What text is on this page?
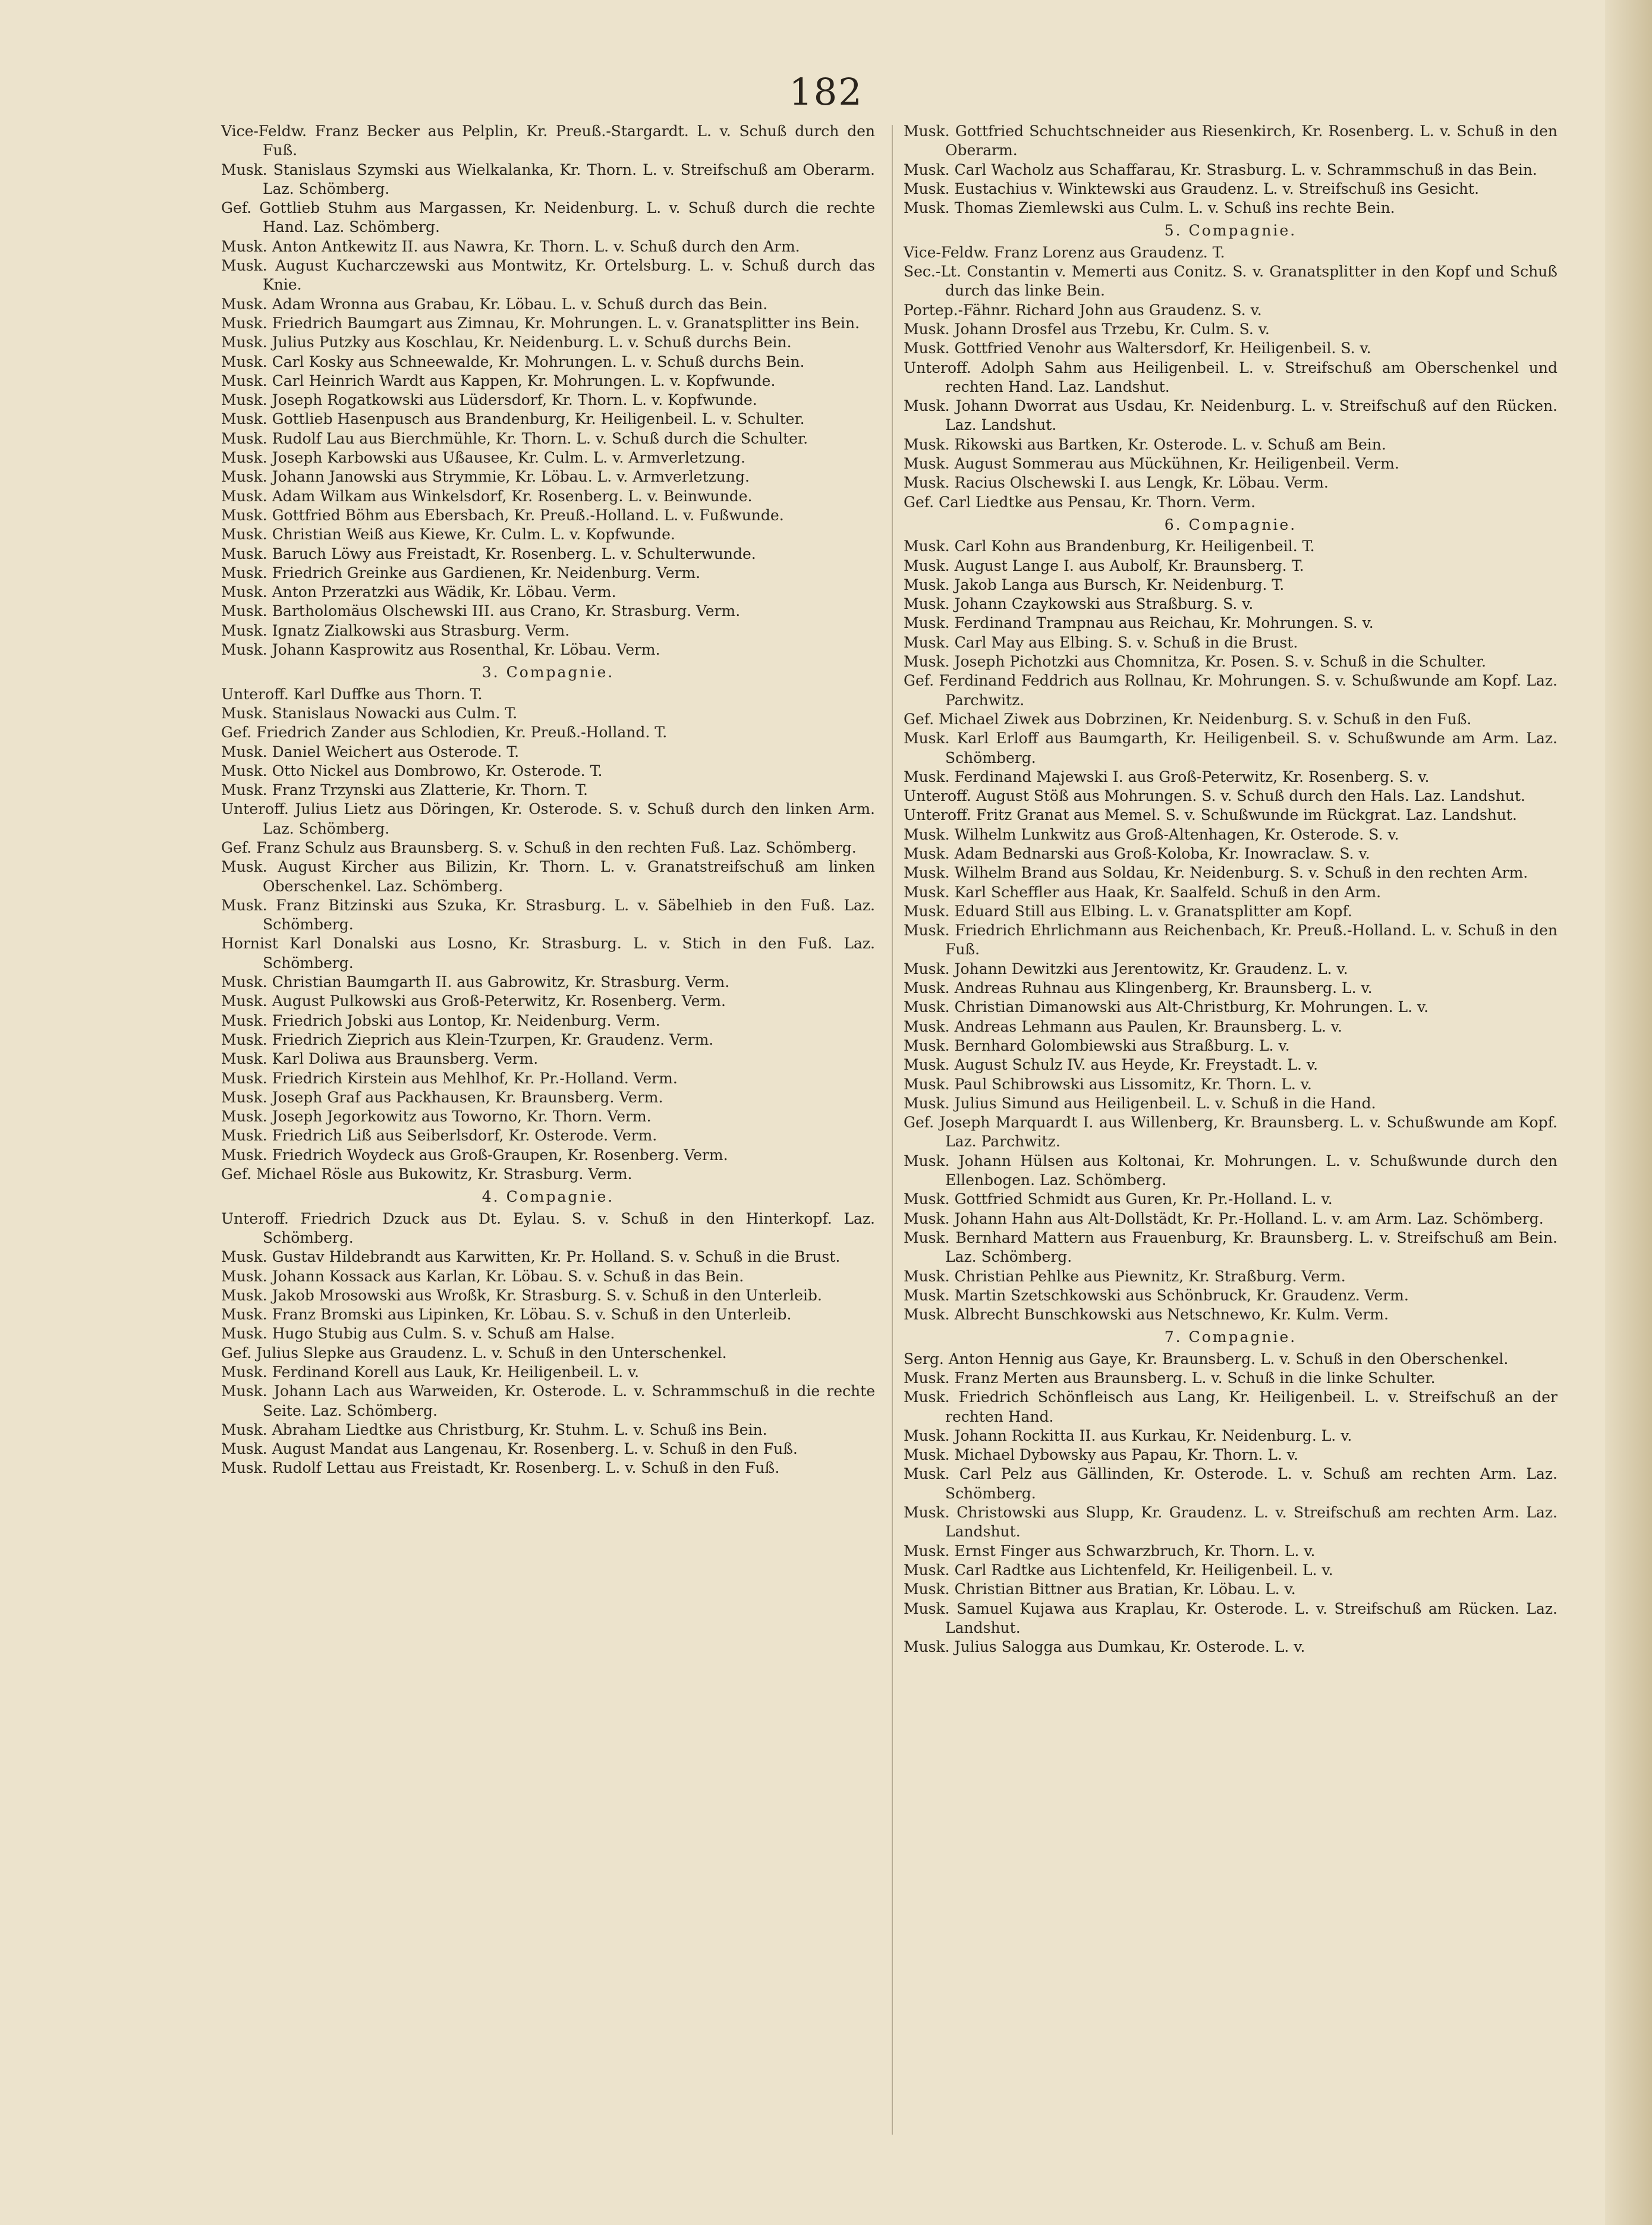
182

Vice-Feldw. Franz Becker aus Pelplin, Kr. Preuß.-Stargardt. L. v. Schuß durch den Fuß.

Musk. Stanislaus Szymski aus Wielkalanka, Kr. Thorn. L. v. Streifschuß am Oberarm. Laz. Schömberg.

Gef. Gottlieb Stuhm aus Margassen, Kr. Neidenburg. L. v. Schuß durch die rechte Hand. Laz. Schömberg.

Musk. Anton Antkewitz II. aus Nawra, Kr. Thorn. L. v. Schuß durch den Arm.

Musk. August Kucharczewski aus Montwitz, Kr. Ortelsburg. L. v. Schuß durch das Knie.

Musk. Adam Wronna aus Grabau, Kr. Löbau. L. v. Schuß durch das Bein.

Musk. Friedrich Baumgart aus Zimnau, Kr. Mohrungen. L. v. Granatsplitter ins Bein.

Musk. Julius Putzky aus Koschlau, Kr. Neidenburg. L. v. Schuß durchs Bein.

Musk. Carl Kosky aus Schneewalde, Kr. Mohrungen. L. v. Schuß durchs Bein.

Musk. Carl Heinrich Wardt aus Kappen, Kr. Mohrungen. L. v. Kopfwunde.

Musk. Joseph Rogatkowski aus Lüdersdorf, Kr. Thorn. L. v. Kopfwunde.

Musk. Gottlieb Hasenpusch aus Brandenburg, Kr. Heiligenbeil. L. v. Schulter.

Musk. Rudolf Lau aus Bierchmühle, Kr. Thorn. L. v. Schuß durch die Schulter.

Musk. Joseph Karbowski aus Ußausee, Kr. Culm. L. v. Armverletzung.

Musk. Johann Janowski aus Strymmie, Kr. Löbau. L. v. Armverletzung.

Musk. Adam Wilkam aus Winkelsdorf, Kr. Rosenberg. L. v. Beinwunde.

Musk. Gottfried Böhm aus Ebersbach, Kr. Preuß.-Holland. L. v. Fußwunde.

Musk. Christian Weiß aus Kiewe, Kr. Culm. L. v. Kopfwunde.

Musk. Baruch Löwy aus Freistadt, Kr. Rosenberg. L. v. Schulterwunde.

Musk. Friedrich Greinke aus Gardienen, Kr. Neidenburg. Verm.

Musk. Anton Przeratzki aus Wädik, Kr. Löbau. Verm.

Musk. Bartholomäus Olschewski III. aus Crano, Kr. Strasburg. Verm.

Musk. Ignatz Zialkowski aus Strasburg. Verm.

Musk. Johann Kasprowitz aus Rosenthal, Kr. Löbau. Verm.

3. Compagnie.

Unteroff. Karl Duffke aus Thorn. T.

Musk. Stanislaus Nowacki aus Culm. T.

Gef. Friedrich Zander aus Schlodien, Kr. Preuß.-Holland. T.

Musk. Daniel Weichert aus Osterode. T.

Musk. Otto Nickel aus Dombrowo, Kr. Osterode. T.

Musk. Franz Trzynski aus Zlatterie, Kr. Thorn. T.

Unteroff. Julius Lietz aus Döringen, Kr. Osterode. S. v. Schuß durch den linken Arm. Laz. Schömberg.

Gef. Franz Schulz aus Braunsberg. S. v. Schuß in den rechten Fuß. Laz. Schömberg.

Musk. August Kircher aus Bilizin, Kr. Thorn. L. v. Granatstreifschuß am linken Oberschenkel. Laz. Schömberg.

Musk. Franz Bitzinski aus Szuka, Kr. Strasburg. L. v. Säbelhieb in den Fuß. Laz. Schömberg.

Hornist Karl Donalski aus Losno, Kr. Strasburg. L. v. Stich in den Fuß. Laz. Schömberg.

Musk. Christian Baumgarth II. aus Gabrowitz, Kr. Strasburg. Verm.

Musk. August Pulkowski aus Groß-Peterwitz, Kr. Rosenberg. Verm.

Musk. Friedrich Jobski aus Lontop, Kr. Neidenburg. Verm.

Musk. Friedrich Zieprich aus Klein-Tzurpen, Kr. Graudenz. Verm.

Musk. Karl Doliwa aus Braunsberg. Verm.

Musk. Friedrich Kirstein aus Mehlhof, Kr. Pr.-Holland. Verm.

Musk. Joseph Graf aus Packhausen, Kr. Braunsberg. Verm.

Musk. Joseph Jegorkowitz aus Toworno, Kr. Thorn. Verm.

Musk. Friedrich Liß aus Seiberlsdorf, Kr. Osterode. Verm.

Musk. Friedrich Woydeck aus Groß-Graupen, Kr. Rosenberg. Verm.

Gef. Michael Rösle aus Bukowitz, Kr. Strasburg. Verm.

4. Compagnie.

Unteroff. Friedrich Dzuck aus Dt. Eylau. S. v. Schuß in den Hinterkopf. Laz. Schömberg.

Musk. Gustav Hildebrandt aus Karwitten, Kr. Pr. Holland. S. v. Schuß in die Brust.

Musk. Johann Kossack aus Karlan, Kr. Löbau. S. v. Schuß in das Bein.

Musk. Jakob Mrosowski aus Wroßk, Kr. Strasburg. S. v. Schuß in den Unterleib.

Musk. Franz Bromski aus Lipinken, Kr. Löbau. S. v. Schuß in den Unterleib.

Musk. Hugo Stubig aus Culm. S. v. Schuß am Halse.

Gef. Julius Slepke aus Graudenz. L. v. Schuß in den Unterschenkel.

Musk. Ferdinand Korell aus Lauk, Kr. Heiligenbeil. L. v.

Musk. Johann Lach aus Warweiden, Kr. Osterode. L. v. Schrammschuß in die rechte Seite. Laz. Schömberg.

Musk. Abraham Liedtke aus Christburg, Kr. Stuhm. L. v. Schuß ins Bein.

Musk. August Mandat aus Langenau, Kr. Rosenberg. L. v. Schuß in den Fuß.

Musk. Rudolf Lettau aus Freistadt, Kr. Rosenberg. L. v. Schuß in den Fuß.

Musk. Gottfried Schuchtschneider aus Riesenkirch, Kr. Rosenberg. L. v. Schuß in den Oberarm.

Musk. Carl Wacholz aus Schaffarau, Kr. Strasburg. L. v. Schrammschuß in das Bein.

Musk. Eustachius v. Winktewski aus Graudenz. L. v. Streifschuß ins Gesicht.

Musk. Thomas Ziemlewski aus Culm. L. v. Schuß ins rechte Bein.

5. Compagnie.

Vice-Feldw. Franz Lorenz aus Graudenz. T.

Sec.-Lt. Constantin v. Memerti aus Conitz. S. v. Granatsplitter in den Kopf und Schuß durch das linke Bein.

Portep.-Fähnr. Richard John aus Graudenz. S. v.

Musk. Johann Drosfel aus Trzebu, Kr. Culm. S. v.

Musk. Gottfried Venohr aus Waltersdorf, Kr. Heiligenbeil. S. v.

Unteroff. Adolph Sahm aus Heiligenbeil. L. v. Streifschuß am Oberschenkel und rechten Hand. Laz. Landshut.

Musk. Johann Dworrat aus Usdau, Kr. Neidenburg. L. v. Streifschuß auf den Rücken. Laz. Landshut.

Musk. Rikowski aus Bartken, Kr. Osterode. L. v. Schuß am Bein.

Musk. August Sommerau aus Mückühnen, Kr. Heiligenbeil. Verm.

Musk. Racius Olschewski I. aus Lengk, Kr. Löbau. Verm.

Gef. Carl Liedtke aus Pensau, Kr. Thorn. Verm.

6. Compagnie.

Musk. Carl Kohn aus Brandenburg, Kr. Heiligenbeil. T.

Musk. August Lange I. aus Aubolf, Kr. Braunsberg. T.

Musk. Jakob Langa aus Bursch, Kr. Neidenburg. T.

Musk. Johann Czaykowski aus Straßburg. S. v.

Musk. Ferdinand Trampnau aus Reichau, Kr. Mohrungen. S. v.

Musk. Carl May aus Elbing. S. v. Schuß in die Brust.

Musk. Joseph Pichotzki aus Chomnitza, Kr. Posen. S. v. Schuß in die Schulter.

Gef. Ferdinand Feddrich aus Rollnau, Kr. Mohrungen. S. v. Schußwunde am Kopf. Laz. Parchwitz.

Gef. Michael Ziwek aus Dobrzinen, Kr. Neidenburg. S. v. Schuß in den Fuß.

Musk. Karl Erloff aus Baumgarth, Kr. Heiligenbeil. S. v. Schußwunde am Arm. Laz. Schömberg.

Musk. Ferdinand Majewski I. aus Groß-Peterwitz, Kr. Rosenberg. S. v.

Unteroff. August Stöß aus Mohrungen. S. v. Schuß durch den Hals. Laz. Landshut.

Unteroff. Fritz Granat aus Memel. S. v. Schußwunde im Rückgrat. Laz. Landshut.

Musk. Wilhelm Lunkwitz aus Groß-Altenhagen, Kr. Osterode. S. v.

Musk. Adam Bednarski aus Groß-Koloba, Kr. Inowraclaw. S. v.

Musk. Wilhelm Brand aus Soldau, Kr. Neidenburg. S. v. Schuß in den rechten Arm.

Musk. Karl Scheffler aus Haak, Kr. Saalfeld. Schuß in den Arm.

Musk. Eduard Still aus Elbing. L. v. Granatsplitter am Kopf.

Musk. Friedrich Ehrlichmann aus Reichenbach, Kr. Preuß.-Holland. L. v. Schuß in den Fuß.

Musk. Johann Dewitzki aus Jerentowitz, Kr. Graudenz. L. v.

Musk. Andreas Ruhnau aus Klingenberg, Kr. Braunsberg. L. v.

Musk. Christian Dimanowski aus Alt-Christburg, Kr. Mohrungen. L. v.

Musk. Andreas Lehmann aus Paulen, Kr. Braunsberg. L. v.

Musk. Bernhard Golombiewski aus Straßburg. L. v.

Musk. August Schulz IV. aus Heyde, Kr. Freystadt. L. v.

Musk. Paul Schibrowski aus Lissomitz, Kr. Thorn. L. v.

Musk. Julius Simund aus Heiligenbeil. L. v. Schuß in die Hand.

Gef. Joseph Marquardt I. aus Willenberg, Kr. Braunsberg. L. v. Schußwunde am Kopf. Laz. Parchwitz.

Musk. Johann Hülsen aus Koltonai, Kr. Mohrungen. L. v. Schußwunde durch den Ellenbogen. Laz. Schömberg.

Musk. Gottfried Schmidt aus Guren, Kr. Pr.-Holland. L. v.

Musk. Johann Hahn aus Alt-Dollstädt, Kr. Pr.-Holland. L. v. am Arm. Laz. Schömberg.

Musk. Bernhard Mattern aus Frauenburg, Kr. Braunsberg. L. v. Streifschuß am Bein. Laz. Schömberg.

Musk. Christian Pehlke aus Piewnitz, Kr. Straßburg. Verm.

Musk. Martin Szetschkowski aus Schönbruck, Kr. Graudenz. Verm.

Musk. Albrecht Bunschkowski aus Netschnewo, Kr. Kulm. Verm.

7. Compagnie.

Serg. Anton Hennig aus Gaye, Kr. Braunsberg. L. v. Schuß in den Oberschenkel.

Musk. Franz Merten aus Braunsberg. L. v. Schuß in die linke Schulter.

Musk. Friedrich Schönfleisch aus Lang, Kr. Heiligenbeil. L. v. Streifschuß an der rechten Hand.

Musk. Johann Rockitta II. aus Kurkau, Kr. Neidenburg. L. v.

Musk. Michael Dybowsky aus Papau, Kr. Thorn. L. v.

Musk. Carl Pelz aus Gällinden, Kr. Osterode. L. v. Schuß am rechten Arm. Laz. Schömberg.

Musk. Christowski aus Slupp, Kr. Graudenz. L. v. Streifschuß am rechten Arm. Laz. Landshut.

Musk. Ernst Finger aus Schwarzbruch, Kr. Thorn. L. v.

Musk. Carl Radtke aus Lichtenfeld, Kr. Heiligenbeil. L. v.

Musk. Christian Bittner aus Bratian, Kr. Löbau. L. v.

Musk. Samuel Kujawa aus Kraplau, Kr. Osterode. L. v. Streifschuß am Rücken. Laz. Landshut.

Musk. Julius Salogga aus Dumkau, Kr. Osterode. L. v.
